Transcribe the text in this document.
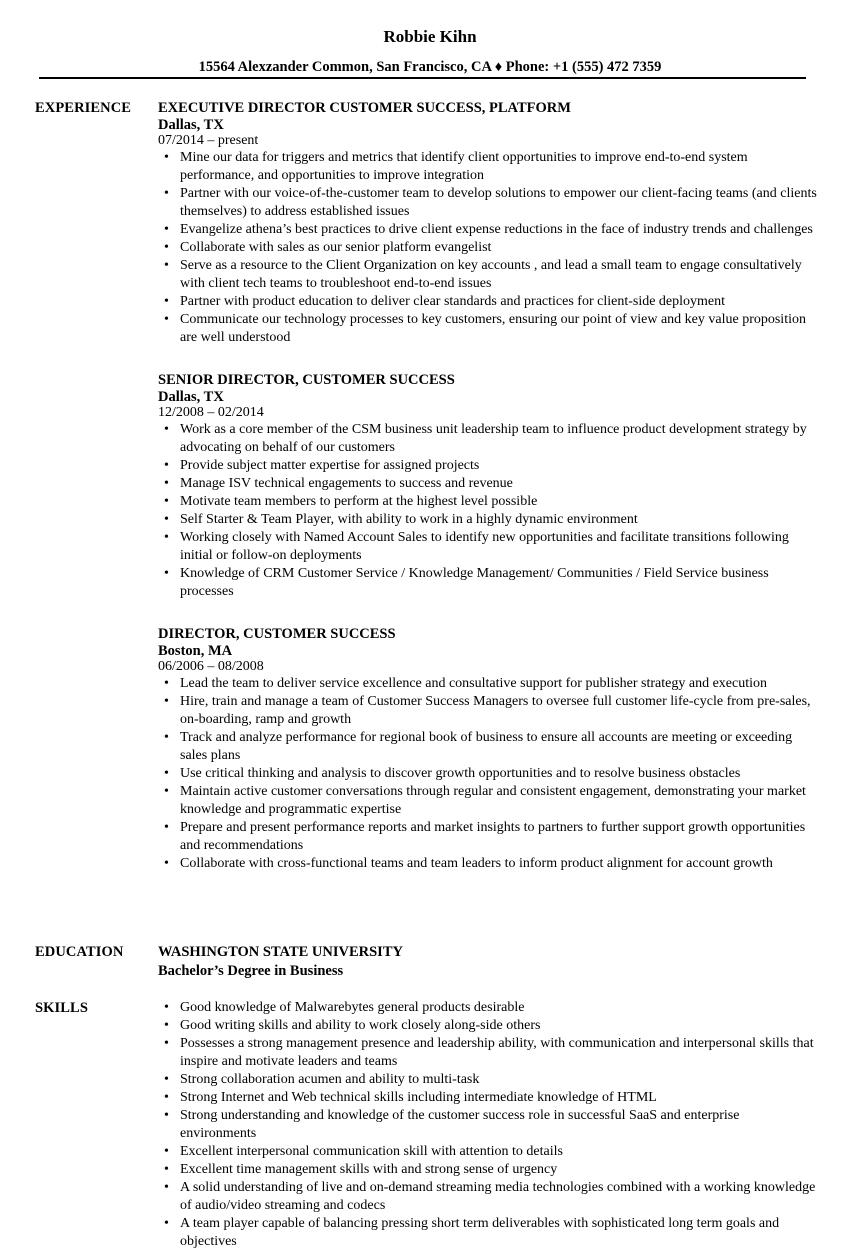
Robbie Kihn
15564 Alexzander Common, San Francisco, CA ♦ Phone: +1 (555) 472 7359
EXPERIENCE EXECUTIVE DIRECTOR CUSTOMER SUCCESS, PLATFORM

Dallas, TX

07/2014 – present

• Mine our data for triggers and metrics that identify client opportunities to improve end-to-end system performance, and opportunities to improve integration
• Partner with our voice-of-the-customer team to develop solutions to empower our client-facing teams (and clients themselves) to address established issues
• Evangelize athena’s best practices to drive client expense reductions in the face of industry trends and challenges
• Collaborate with sales as our senior platform evangelist
• Serve as a resource to the Client Organization on key accounts , and lead a small team to engage consultatively with client tech teams to troubleshoot end-to-end issues
• Partner with product education to deliver clear standards and practices for client-side deployment
• Communicate our technology processes to key customers, ensuring our point of view and key value proposition are well understood

SENIOR DIRECTOR, CUSTOMER SUCCESS

Dallas, TX

12/2008 – 02/2014

• Work as a core member of the CSM business unit leadership team to influence product development strategy by advocating on behalf of our customers
• Provide subject matter expertise for assigned projects
• Manage ISV technical engagements to success and revenue
• Motivate team members to perform at the highest level possible
• Self Starter & Team Player, with ability to work in a highly dynamic environment
• Working closely with Named Account Sales to identify new opportunities and facilitate transitions following initial or follow-on deployments
• Knowledge of CRM Customer Service / Knowledge Management/ Communities / Field Service business processes

DIRECTOR, CUSTOMER SUCCESS

Boston, MA

06/2006 – 08/2008

• Lead the team to deliver service excellence and consultative support for publisher strategy and execution
• Hire, train and manage a team of Customer Success Managers to oversee full customer life-cycle from pre-sales, on-boarding, ramp and growth
• Track and analyze performance for regional book of business to ensure all accounts are meeting or exceeding sales plans
• Use critical thinking and analysis to discover growth opportunities and to resolve business obstacles
• Maintain active customer conversations through regular and consistent engagement, demonstrating your market knowledge and programmatic expertise
• Prepare and present performance reports and market insights to partners to further support growth opportunities and recommendations
• Collaborate with cross-functional teams and team leaders to inform product alignment for account growth
EDUCATION WASHINGTON STATE UNIVERSITY

Bachelor’s Degree in Business

SKILLS
•	Good knowledge of Malwarebytes general products desirable
• Good writing skills and ability to work closely along-side others
• Possesses a strong management presence and leadership ability, with communication and interpersonal skills that inspire and motivate leaders and teams
• Strong collaboration acumen and ability to multi-task
• Strong Internet and Web technical skills including intermediate knowledge of HTML
• Strong understanding and knowledge of the customer success role in successful SaaS and enterprise environments
• Excellent interpersonal communication skill with attention to details
• Excellent time management skills with and strong sense of urgency
• A solid understanding of live and on-demand streaming media technologies combined with a working knowledge of audio/video streaming and codecs
• A team player capable of balancing pressing short term deliverables with sophisticated long term goals and objectives
